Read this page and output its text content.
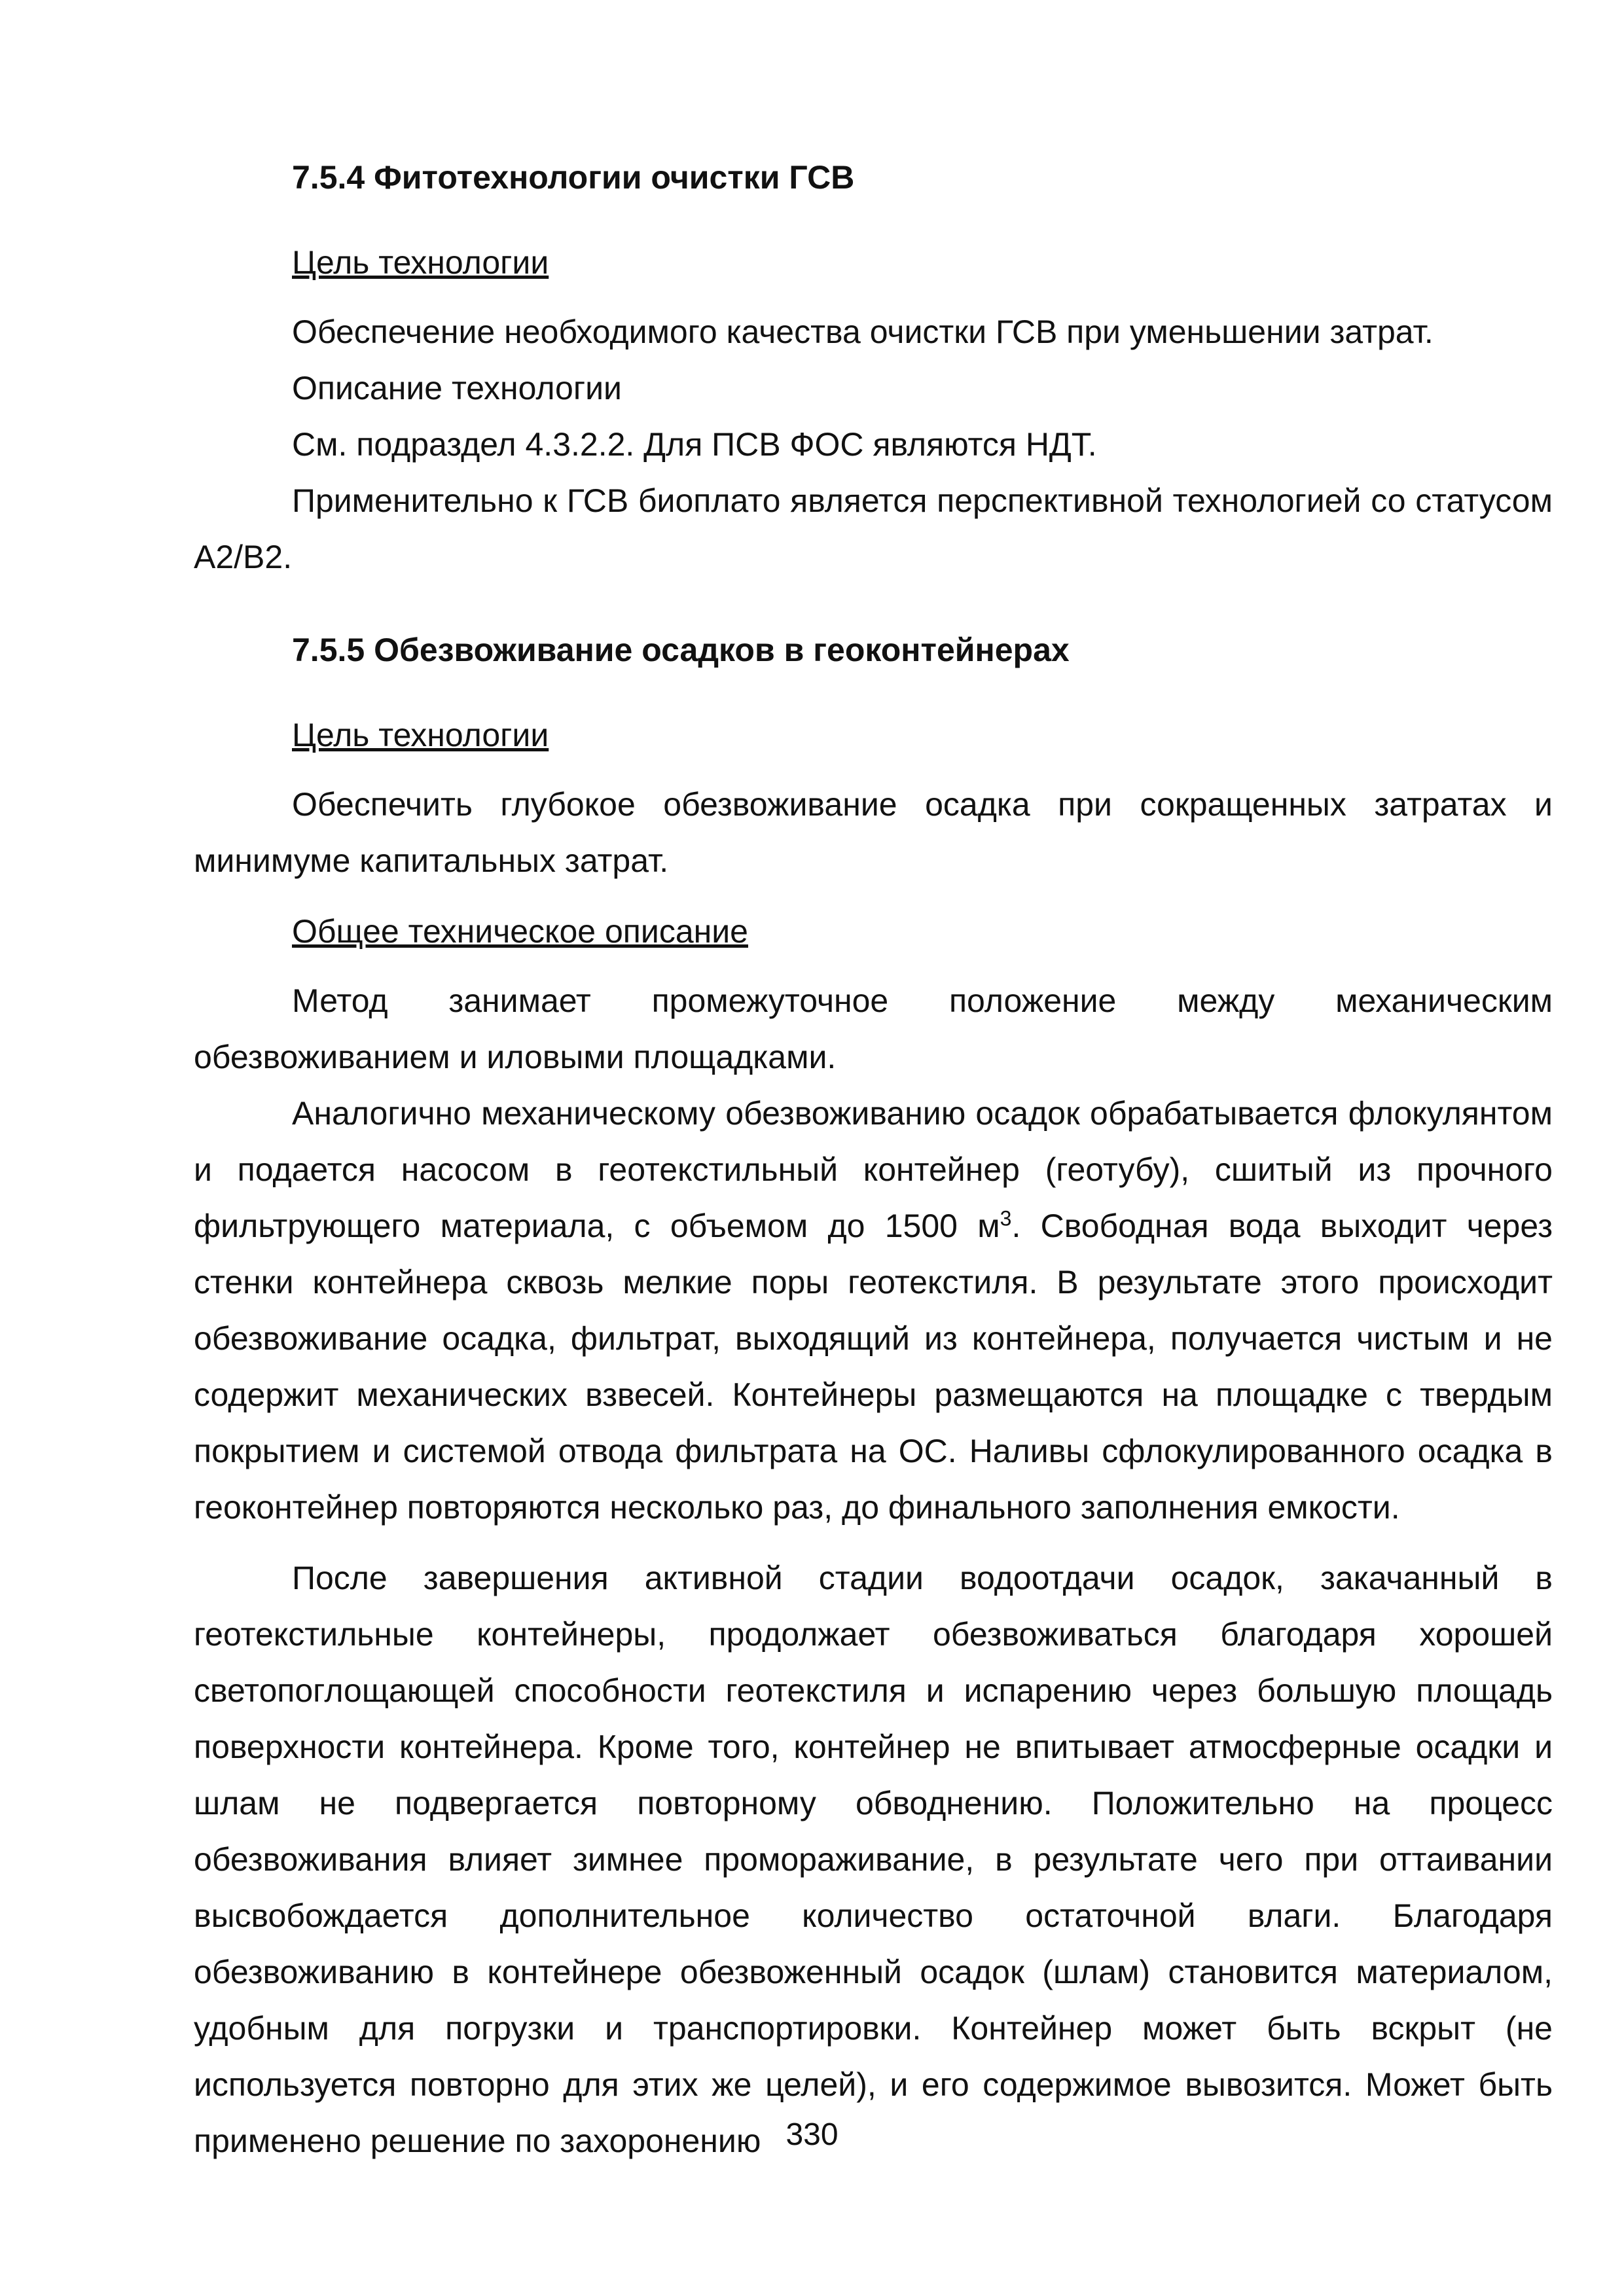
7.5.4 Фитотехнологии очистки ГСВ

Цель технологии

Обеспечение необходимого качества очистки ГСВ при уменьшении затрат.

Описание технологии

См. подраздел 4.3.2.2. Для ПСВ ФОС являются НДТ.

Применительно к ГСВ биоплато является перспективной технологией со статусом А2/В2.

7.5.5 Обезвоживание осадков в геоконтейнерах

Цель технологии

Обеспечить глубокое обезвоживание осадка при сокращенных затратах и минимуме капитальных затрат.

Общее техническое описание

Метод занимает промежуточное положение между механическим обезвоживанием и иловыми площадками.

Аналогично механическому обезвоживанию осадок обрабатывается флокулянтом и подается насосом в геотекстильный контейнер (геотубу), сшитый из прочного фильтрующего материала, с объемом до 1500 $м^3$. Свободная вода выходит через стенки контейнера сквозь мелкие поры геотекстиля. В результате этого происходит обезвоживание осадка, фильтрат, выходящий из контейнера, получается чистым и не содержит механических взвесей. Контейнеры размещаются на площадке с твердым покрытием и системой отвода фильтрата на ОС. Наливы сфлокулированного осадка в геоконтейнер повторяются несколько раз, до финального заполнения емкости.

После завершения активной стадии водоотдачи осадок, закачанный в геотекстильные контейнеры, продолжает обезвоживаться благодаря хорошей светопоглощающей способности геотекстиля и испарению через большую площадь поверхности контейнера. Кроме того, контейнер не впитывает атмосферные осадки и шлам не подвергается повторному обводнению. Положительно на процесс обезвоживания влияет зимнее промораживание, в результате чего при оттаивании высвобождается дополнительное количество остаточной влаги. Благодаря обезвоживанию в контейнере обезвоженный осадок (шлам) становится материалом, удобным для погрузки и транспортировки. Контейнер может быть вскрыт (не используется повторно для этих же целей), и его содержимое вывозится. Может быть применено решение по захоронению 330
